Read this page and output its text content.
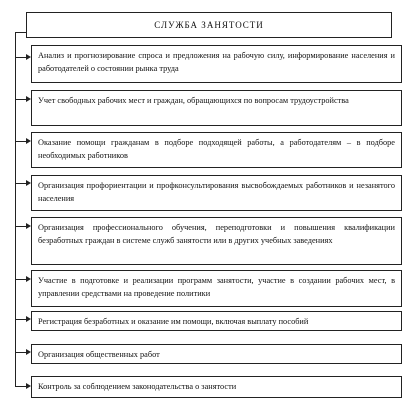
СЛУЖБА ЗАНЯТОСТИ
Анализ и прогнозирование спроса и предложения на рабочую силу, информирование населения и работодателей о состоянии рынка труда
Учет свободных рабочих мест и граждан, обращающихся по вопросам трудоустройства
Оказание помощи гражданам в подборе подходящей работы, а работодателям – в подборе необходимых работников
Организация профориентации и профконсультирования высвобождаемых работников и незанятого населения
Организация профессионального обучения, переподготовки и повышения квалификации безработных граждан в системе служб занятости или в других учебных заведениях
Участие в подготовке и реализации программ занятости, участие в создании рабочих мест, в управлении средствами на проведение политики
Регистрация безработных и оказание им помощи, включая выплату пособий
Организация общественных работ
Контроль за соблюдением законодательства о занятости
